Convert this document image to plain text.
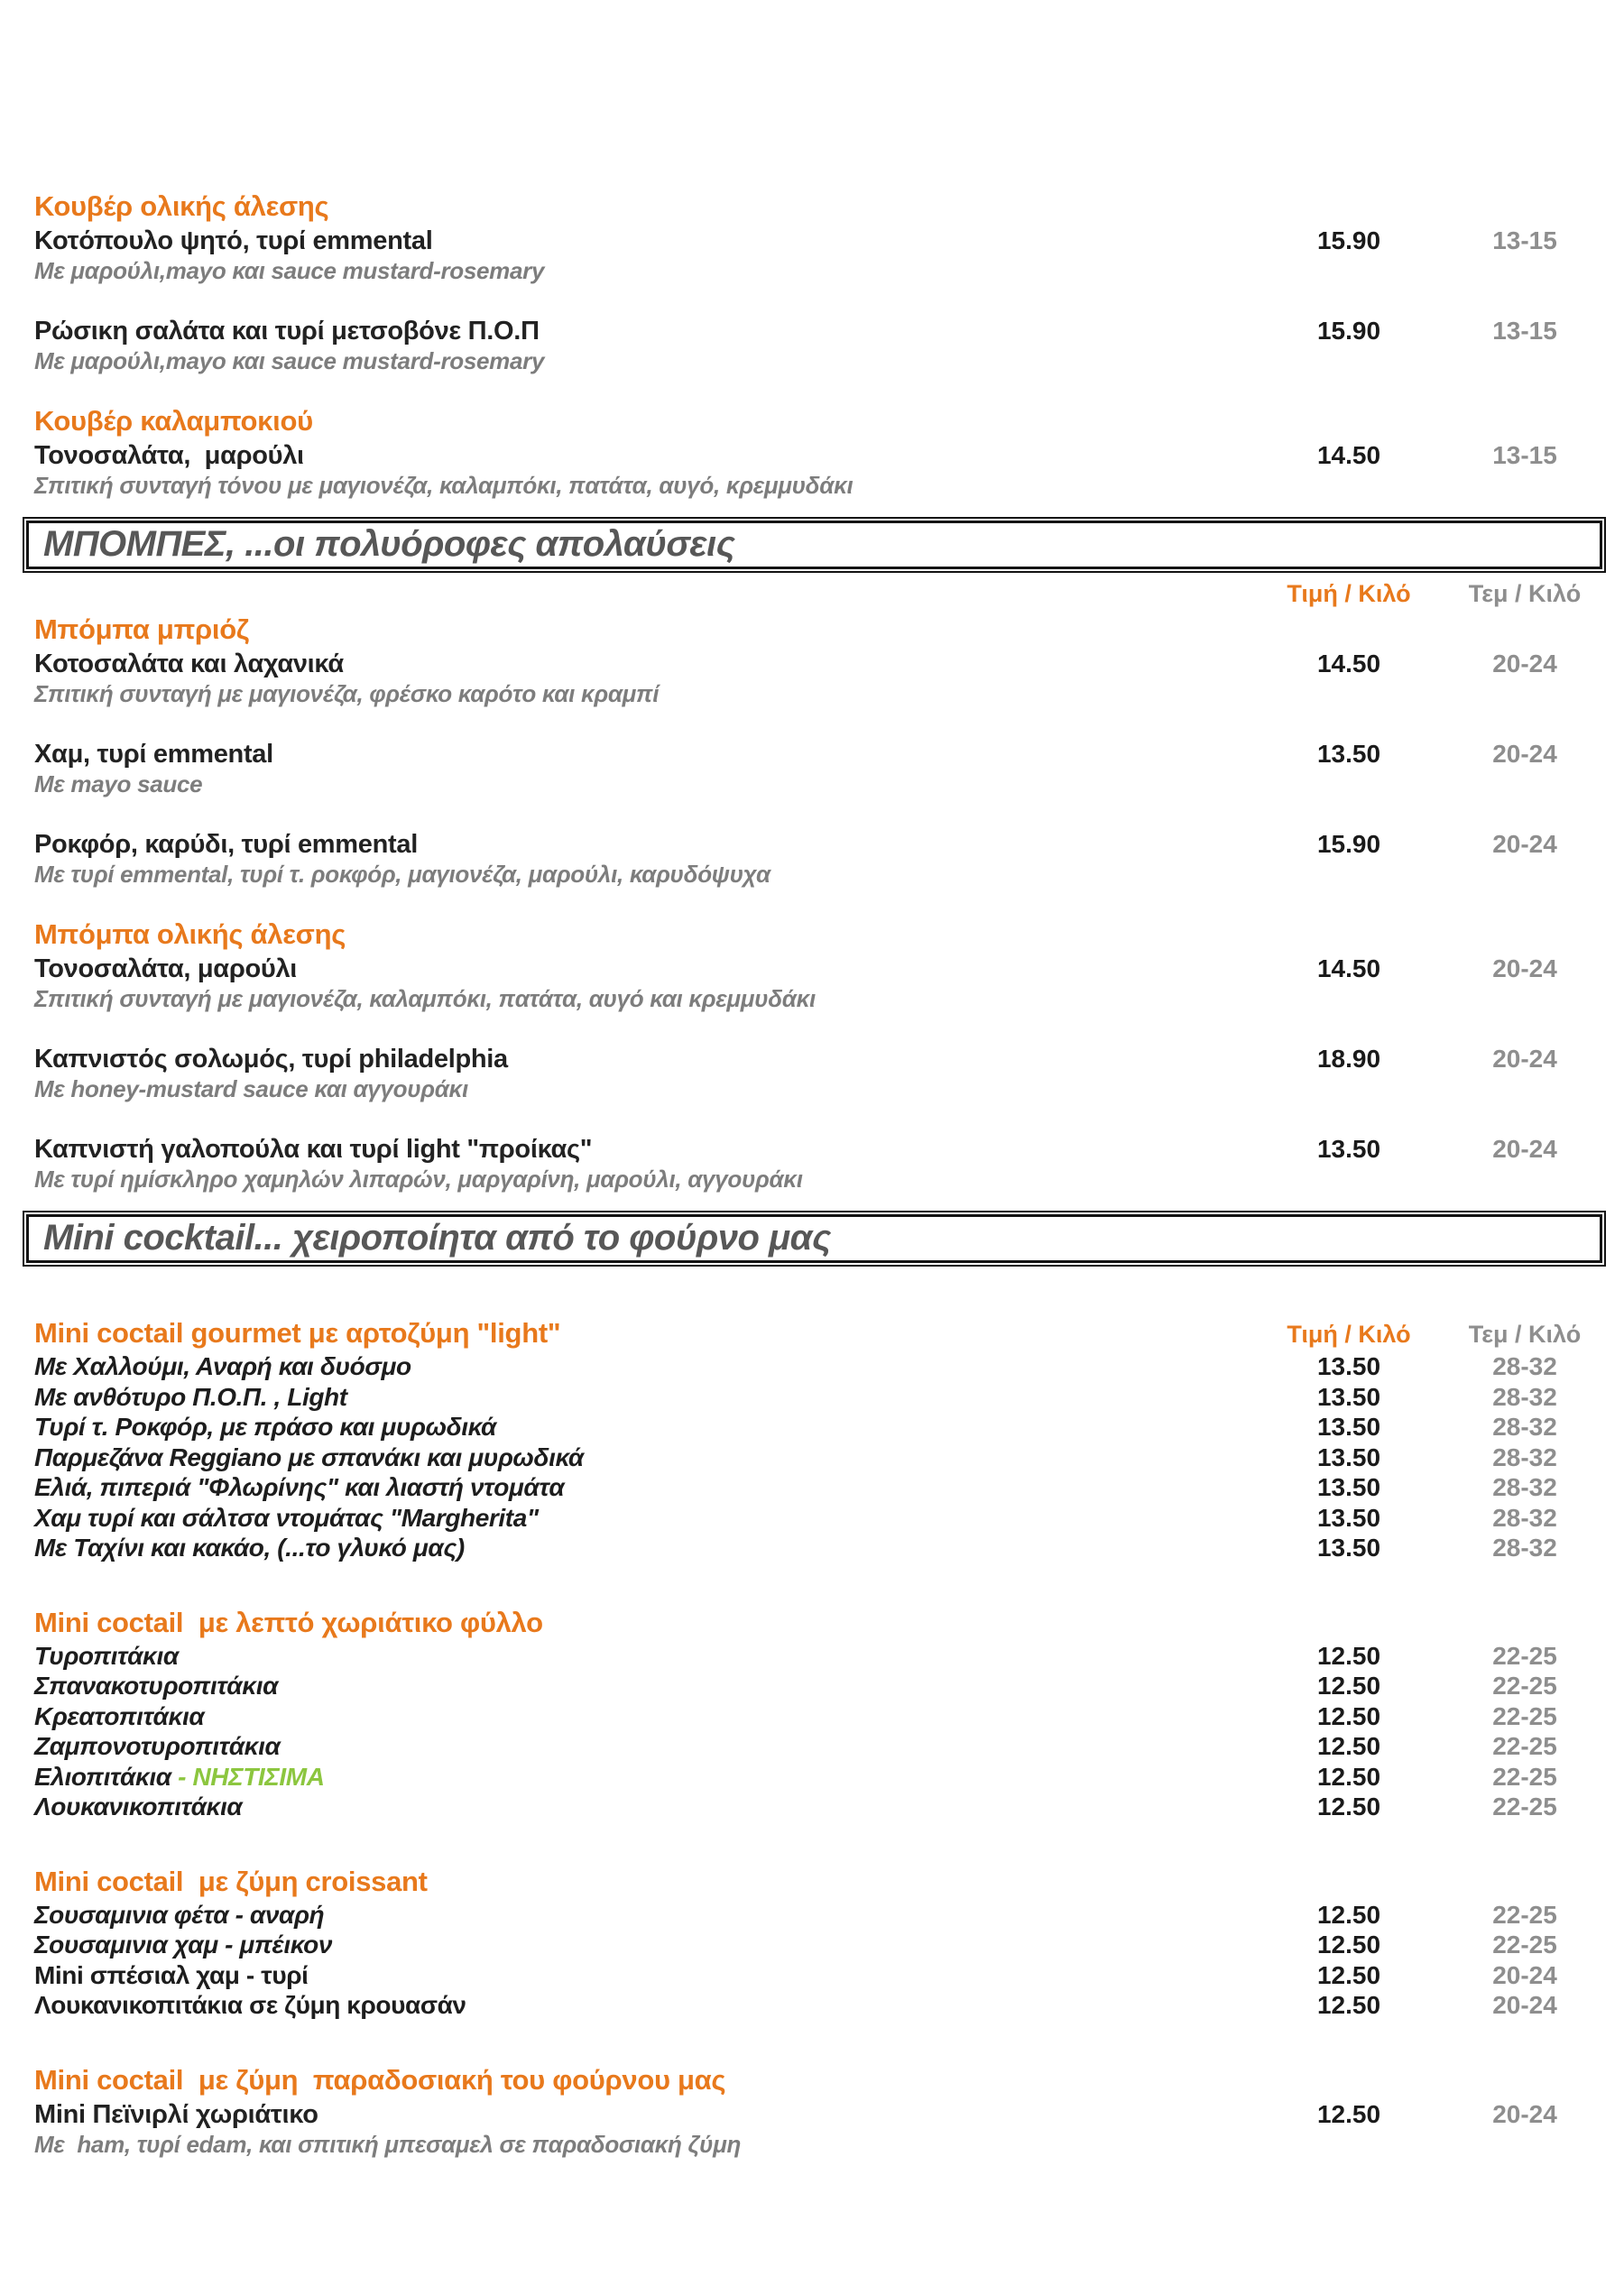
Κουβέρ ολικής άλεσης
Κοτόπουλο ψητό, τυρί emmental	15.90	13-15
Με μαρούλι,mayo και sauce mustard-rosemary
Ρώσικη σαλάτα και τυρί μετσοβόνε Π.Ο.Π	15.90	13-15
Με μαρούλι,mayo και sauce mustard-rosemary
Κουβέρ καλαμποκιού
Τονοσαλάτα,  μαρούλι	14.50	13-15
Σπιτική συνταγή τόνου με μαγιονέζα, καλαμπόκι, πατάτα, αυγό, κρεμμυδάκι
ΜΠΟΜΠΕΣ, ...οι πολυόροφες απολαύσεις
Τιμή / Κιλό Τεμ / Κιλό
Μπόμπα μπριόζ
Κοτοσαλάτα και λαχανικά	14.50	20-24
Σπιτική συνταγή με μαγιονέζα, φρέσκο καρότο και κραμπί
Χαμ, τυρί emmental	13.50	20-24
Με mayo sauce
Ροκφόρ, καρύδι, τυρί emmental	15.90	20-24
Με τυρί emmental, τυρί τ. ροκφόρ, μαγιονέζα, μαρούλι, καρυδόψυχα
Μπόμπα ολικής άλεσης
Τονοσαλάτα, μαρούλι	14.50	20-24
Σπιτική συνταγή με μαγιονέζα, καλαμπόκι, πατάτα, αυγό και κρεμμυδάκι
Καπνιστός σολωμός, τυρί philadelphia	18.90	20-24
Με honey-mustard sauce και αγγουράκι
Καπνιστή γαλοπούλα και τυρί light "προίκας"	13.50	20-24
Με τυρί ημίσκληρο χαμηλών λιπαρών, μαργαρίνη, μαρούλι, αγγουράκι
Mini cocktail... χειροποίητα από το φούρνο μας
Mini coctail gourmet με αρτοζύμη "light"	Τιμή / Κιλό Τεμ / Κιλό
Με Χαλλούμι, Αναρή και δυόσμο	13.50	28-32
Με ανθότυρο Π.Ο.Π. , Light	13.50	28-32
Τυρί τ. Ροκφόρ, με πράσο και μυρωδικά	13.50	28-32
Παρμεζάνα Reggiano με σπανάκι και μυρωδικά	13.50	28-32
Ελιά, πιπεριά "Φλωρίνης" και λιαστή ντομάτα	13.50	28-32
Χαμ τυρί και σάλτσα ντομάτας "Margherita"	13.50	28-32
Με Ταχίνι και κακάο, (...το γλυκό μας)	13.50	28-32
Mini coctail  με λεπτό χωριάτικο φύλλο
Τυροπιτάκια	12.50	22-25
Σπανακοτυροπιτάκια	12.50	22-25
Κρεατοπιτάκια	12.50	22-25
Ζαμπονοτυροπιτάκια	12.50	22-25
Ελιοπιτάκια - ΝΗΣΤΙΣΙΜΑ	12.50	22-25
Λουκανικοπιτάκια	12.50	22-25
Mini coctail  με ζύμη croissant
Σουσαμινια φέτα - αναρή	12.50	22-25
Σουσαμινια χαμ - μπέικον	12.50	22-25
Mini σπέσιαλ χαμ - τυρί	12.50	20-24
Λουκανικοπιτάκια σε ζύμη κρουασάν	12.50	20-24
Mini coctail  με ζύμη  παραδοσιακή του φούρνου μας
Mini Πεϊνιρλί χωριάτικο	12.50	20-24
Με  ham, τυρί edam, και σπιτική μπεσαμελ σε παραδοσιακή ζύμη
